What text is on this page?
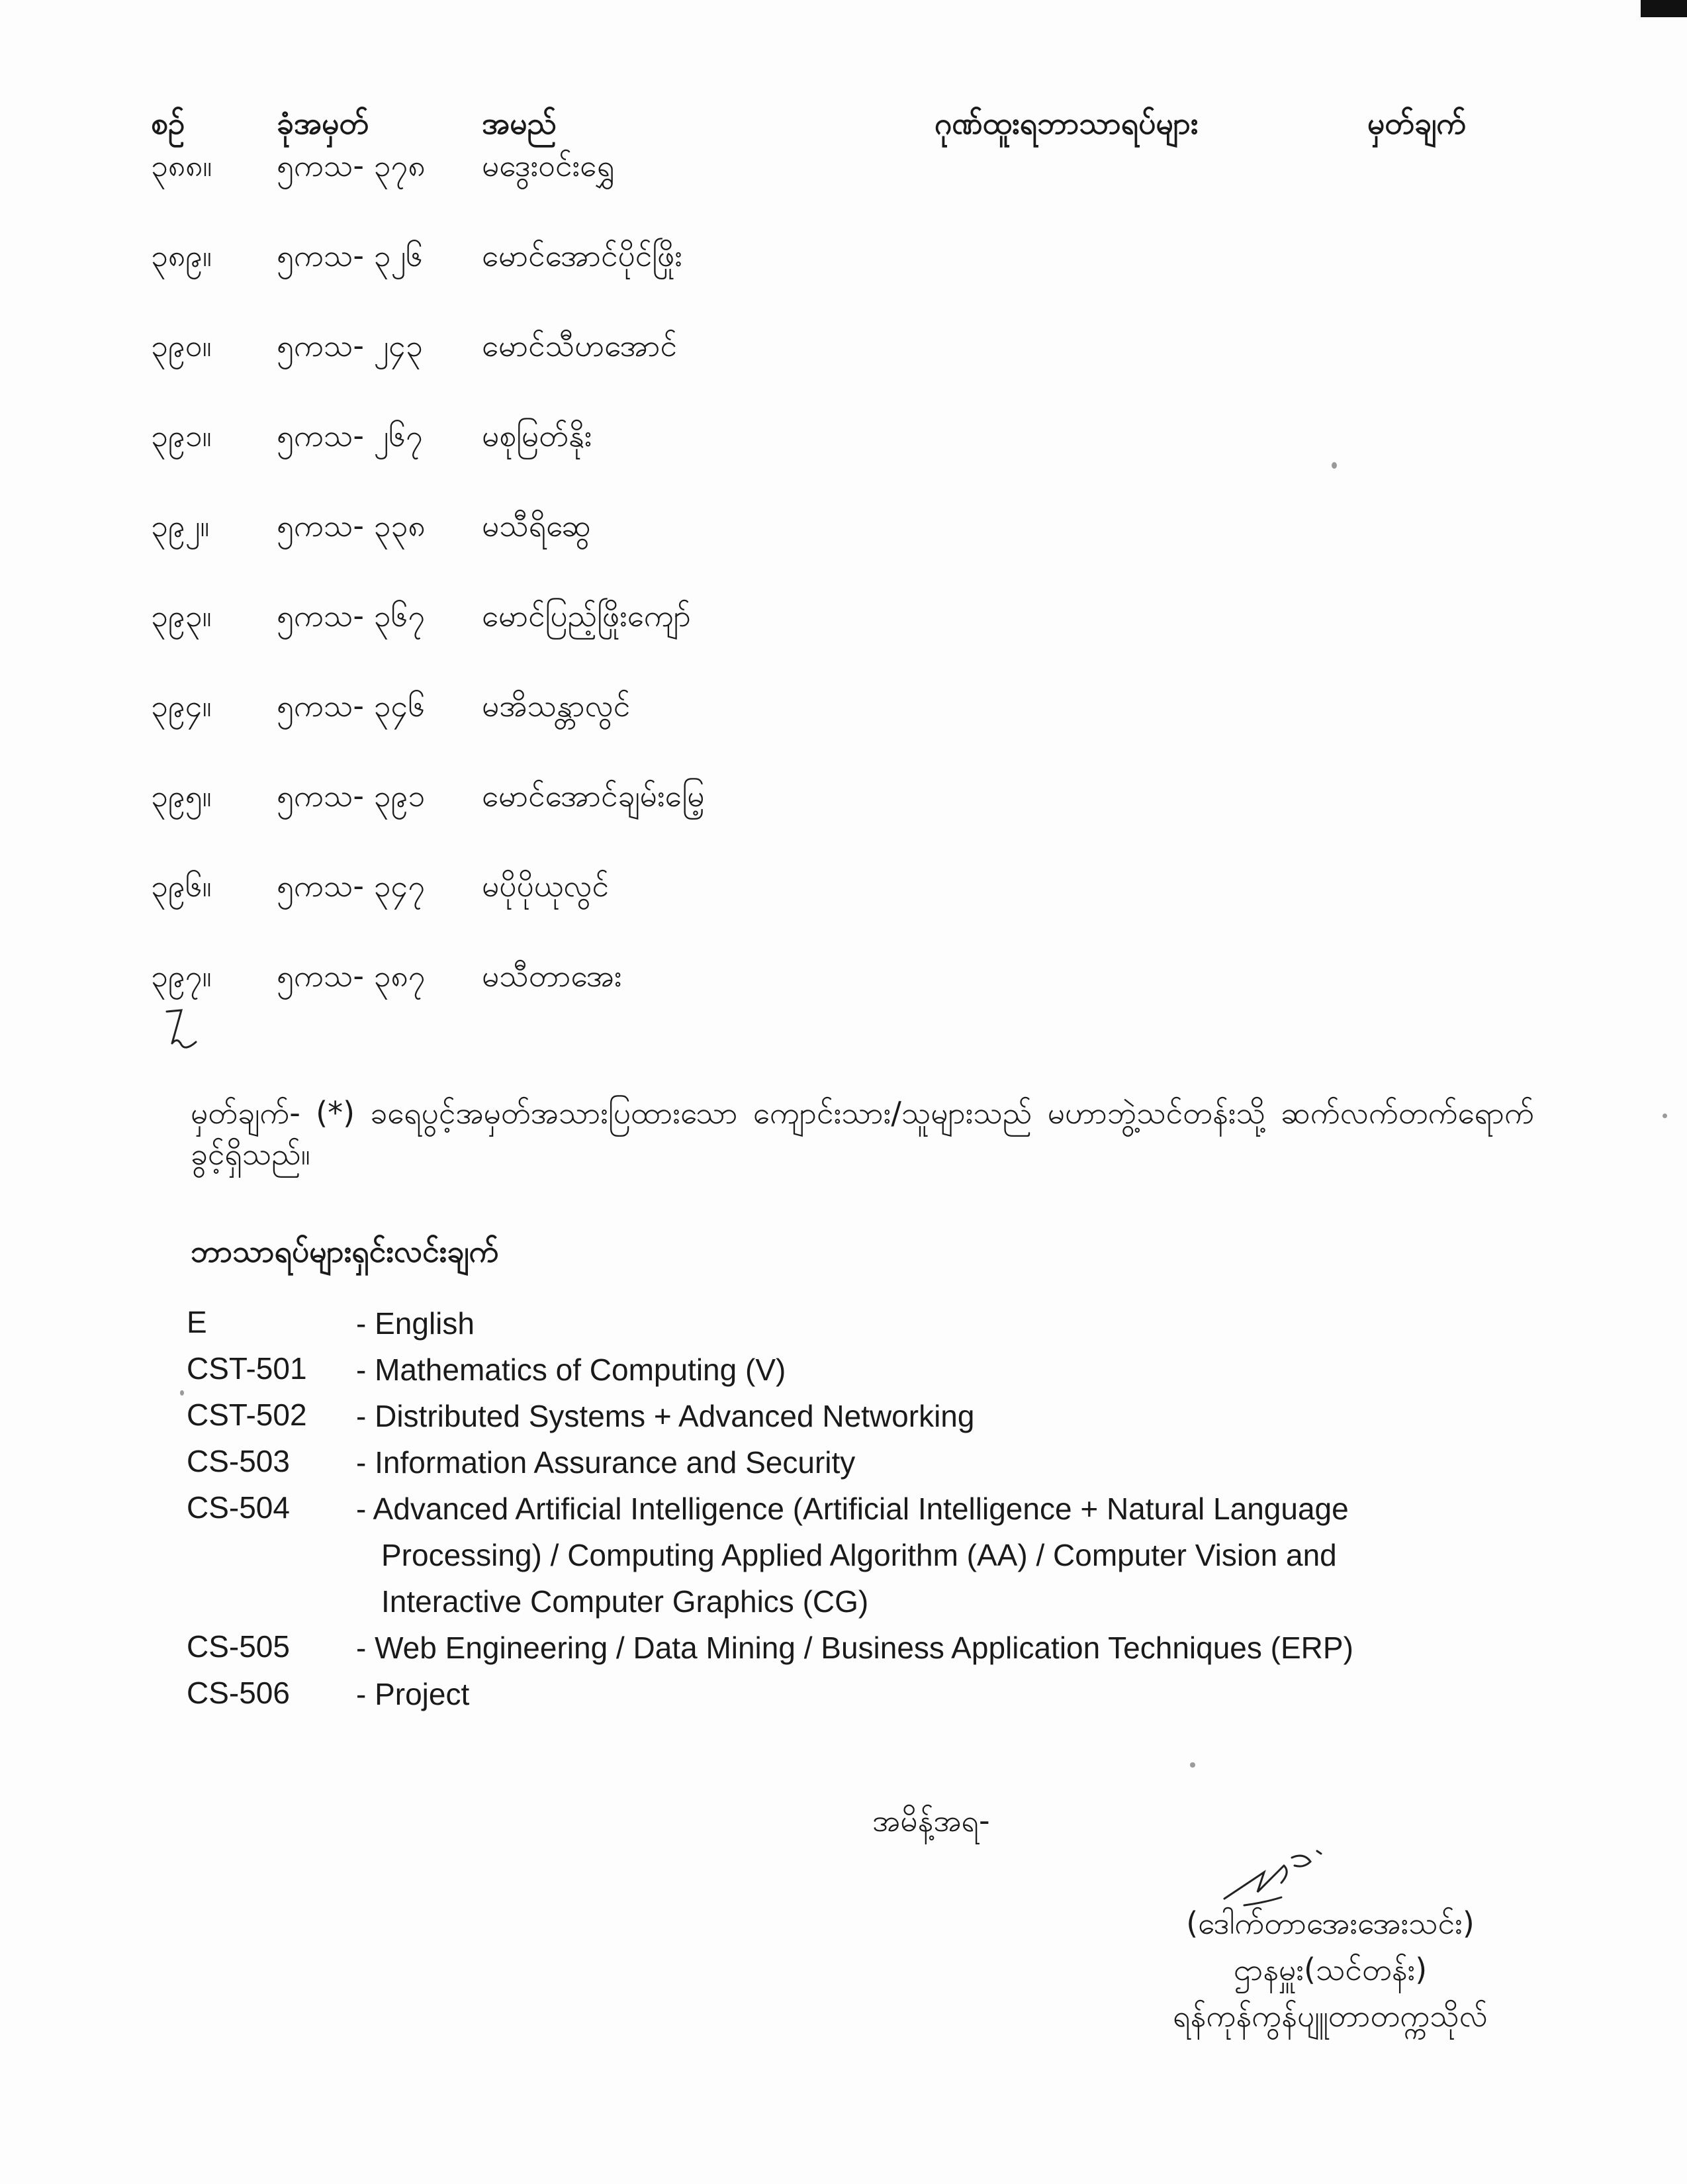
စဥ်	ခုံအမှတ်	အမည်	ဂုဏ်ထူးရဘာသာရပ်များ	မှတ်ချက်
၃၈၈။ ၅ကသ- ၃၇၈ မဒွေးဝင်းရွှေ
၃၈၉။ ၅ကသ- ၃၂၆ မောင်အောင်ပိုင်ဖြိုး
၃၉၀။ ၅ကသ- ၂၄၃ မောင်သီဟအောင်
၃၉၁။ ၅ကသ- ၂၆၇ မစုမြတ်နိုး
၃၉၂။ ၅ကသ- ၃၃၈ မသီရိဆွေ
၃၉၃။ ၅ကသ- ၃၆၇ မောင်ပြည့်ဖြိုးကျော်
၃၉၄။ ၅ကသ- ၃၄၆ မအိသန္တာလွင်
၃၉၅။ ၅ကသ- ၃၉၁ မောင်အောင်ချမ်းမြေ့
၃၉၆။ ၅ကသ- ၃၄၇ မပိုပိုယုလွင်
၃၉၇။ ၅ကသ- ၃၈၇ မသီတာအေး
မှတ်ချက်- (*) ခရေပွင့်အမှတ်အသားပြထားသော ကျောင်းသား/သူများသည် မဟာဘွဲ့သင်တန်းသို့ ဆက်လက်တက်ရောက်ခွင့်ရှိသည်။
ဘာသာရပ်များရှင်းလင်းချက်
E	- English
CST-501 - Mathematics of Computing (V)
CST-502 - Distributed Systems + Advanced Networking
CS-503 - Information Assurance and Security
CS-504 - Advanced Artificial Intelligence (Artificial Intelligence + Natural Language
Processing) / Computing Applied Algorithm (AA) / Computer Vision and
Interactive Computer Graphics (CG)
CS-505 - Web Engineering / Data Mining / Business Application Techniques (ERP)
CS-506 - Project
အမိန့်အရ-
(ဒေါက်တာအေးအေးသင်း)
ဌာနမှူး(သင်တန်း)
ရန်ကုန်ကွန်ပျူတာတက္ကသိုလ်
